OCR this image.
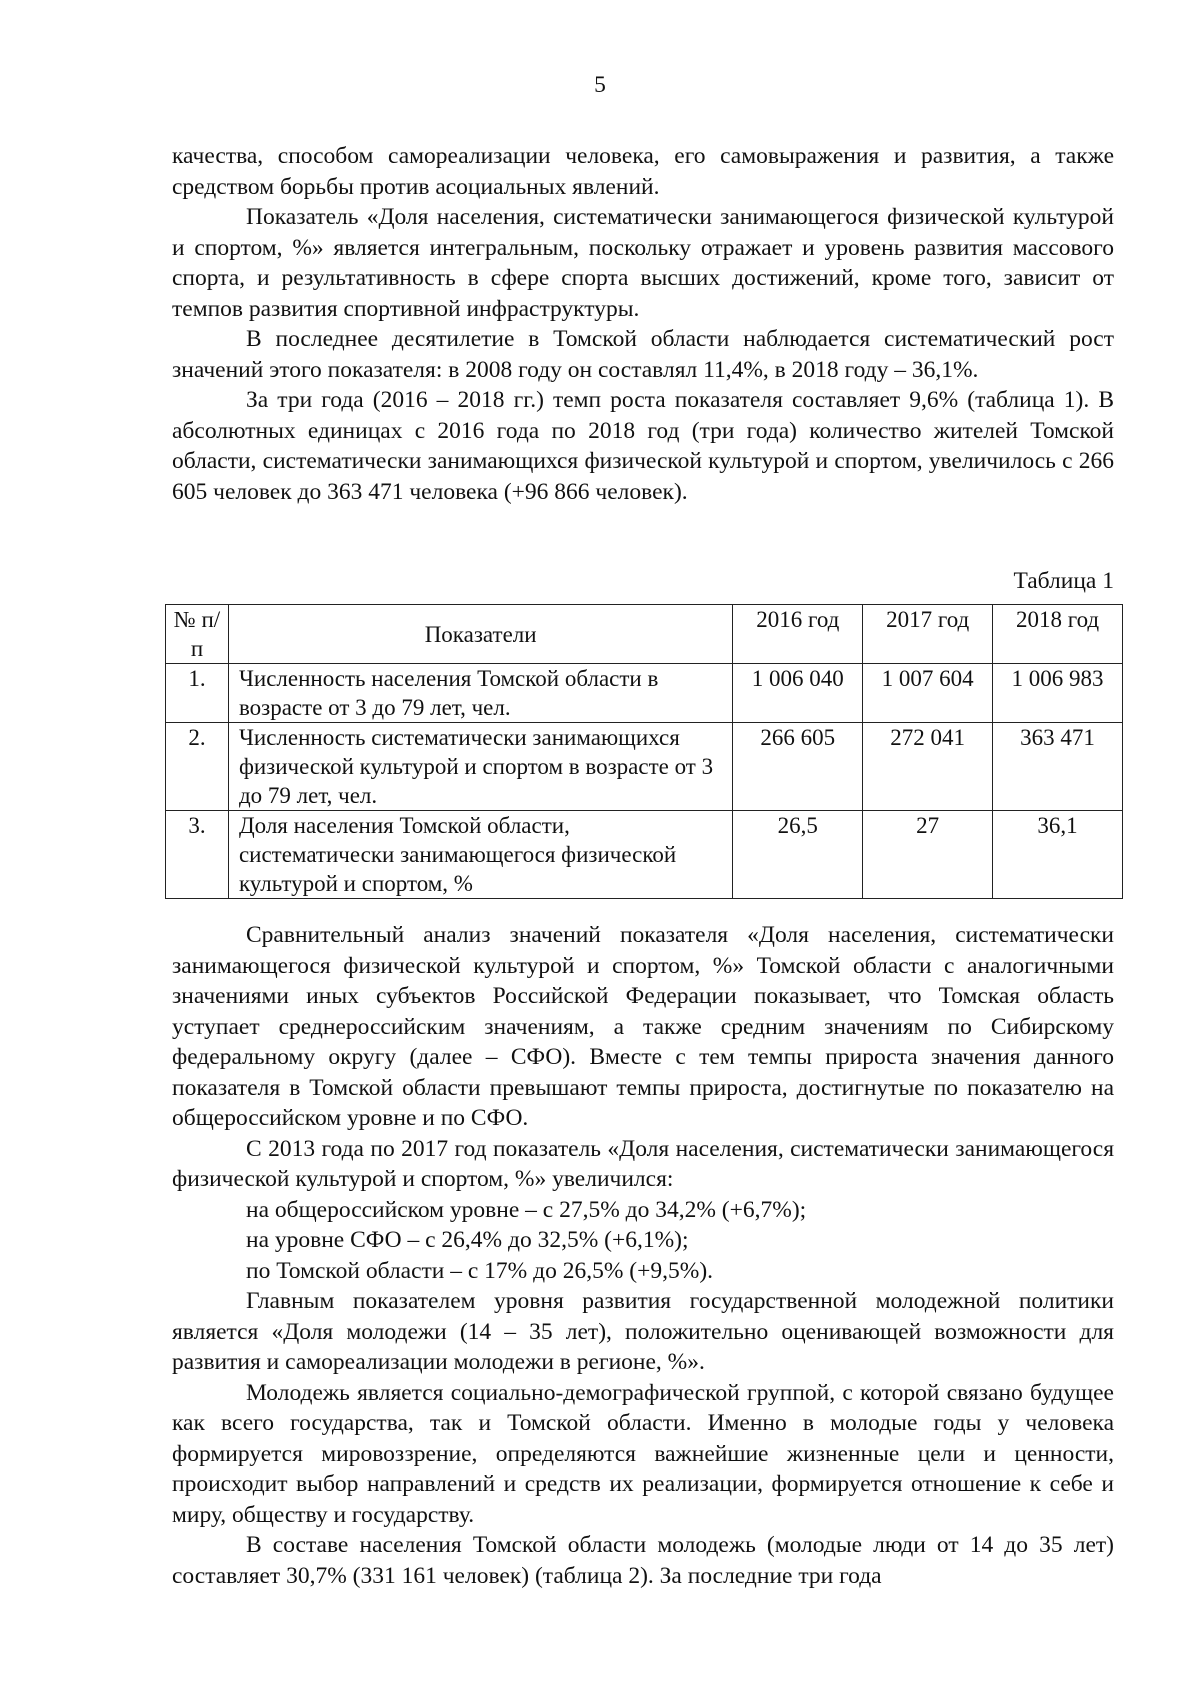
5

качества, способом самореализации человека, его самовыражения и развития, а также средством борьбы против асоциальных явлений.

Показатель «Доля населения, систематически занимающегося физической культурой и спортом, %» является интегральным, поскольку отражает и уровень развития массового спорта, и результативность в сфере спорта высших достижений, кроме того, зависит от темпов развития спортивной инфраструктуры.

В последнее десятилетие в Томской области наблюдается систематический рост значений этого показателя: в 2008 году он составлял 11,4%, в 2018 году – 36,1%.

За три года (2016 – 2018 гг.) темп роста показателя составляет 9,6% (таблица 1). В абсолютных единицах с 2016 года по 2018 год (три года) количество жителей Томской области, систематически занимающихся физической культурой и спортом, увеличилось с 266 605 человек до 363 471 человека (+96 866 человек).

Таблица 1
№ п/п	Показатели	2016 год	2017 год	2018 год
1.	Численность населения Томской области в возрасте от 3 до 79 лет, чел.	1 006 040	1 007 604	1 006 983
2.	Численность систематически занимающихся физической культурой и спортом в возрасте от 3 до 79 лет, чел.	266 605	272 041	363 471
3.	Доля населения Томской области, систематически занимающегося физической культурой и спортом, %	26,5	27	36,1

Сравнительный анализ значений показателя «Доля населения, систематически занимающегося физической культурой и спортом, %» Томской области с аналогичными значениями иных субъектов Российской Федерации показывает, что Томская область уступает среднероссийским значениям, а также средним значениям по Сибирскому федеральному округу (далее – СФО). Вместе с тем темпы прироста значения данного показателя в Томской области превышают темпы прироста, достигнутые по показателю на общероссийском уровне и по СФО.

С 2013 года по 2017 год показатель «Доля населения, систематически занимающегося физической культурой и спортом, %» увеличился:

на общероссийском уровне – с 27,5% до 34,2% (+6,7%);

на уровне СФО – с 26,4% до 32,5% (+6,1%);

по Томской области – с 17% до 26,5% (+9,5%).

Главным показателем уровня развития государственной молодежной политики является «Доля молодежи (14 – 35 лет), положительно оценивающей возможности для развития и самореализации молодежи в регионе, %».

Молодежь является социально-демографической группой, с которой связано будущее как всего государства, так и Томской области. Именно в молодые годы у человека формируется мировоззрение, определяются важнейшие жизненные цели и ценности, происходит выбор направлений и средств их реализации, формируется отношение к себе и миру, обществу и государству.

В составе населения Томской области молодежь (молодые люди от 14 до 35 лет) составляет 30,7% (331 161 человек) (таблица 2). За последние три года
